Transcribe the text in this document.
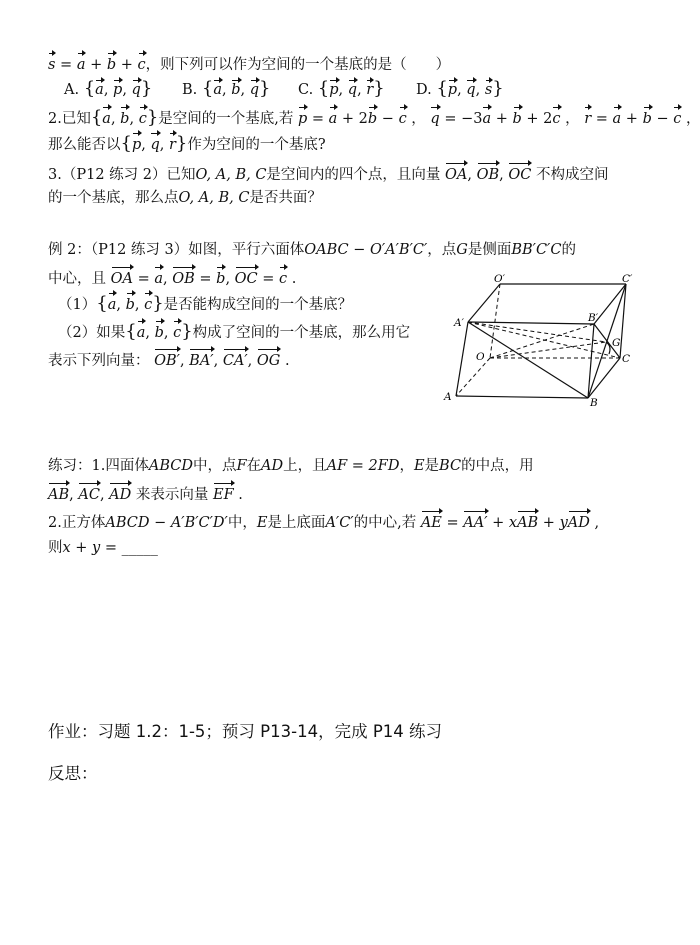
s = a + b + c，则下列可以作为空间的一个基底的是（　　）
A. {a, p, q} B. {a, b, q} C. {p, q, r} D. {p, q, s}
2.已知{a, b, c}是空间的一个基底,若 p = a + 2b − c ， q = −3a + b + 2c ， r = a + b − c ，
那么能否以{p, q, r}作为空间的一个基底?
3.（P12 练习 2）已知O, A, B, C是空间内的四个点，且向量 OA, OB, OC 不构成空间
的一个基底，那么点O, A, B, C是否共面？
例 2：（P12 练习 3）如图，平行六面体OABC − O′A′B′C′，点G是侧面BB′C′C的
中心，且 OA = a, OB = b, OC = c .
（1）{a, b, c}是否能构成空间的一个基底？
（2）如果{a, b, c}构成了空间的一个基底，那么用它
表示下列向量： OB′, BA′, CA′, OG .
O′	C′
A′	B′
G
O	C
A	B
练习：1.四面体ABCD中，点F在AD上，且AF = 2FD，E是BC的中点，用
AB, AC, AD 来表示向量 EF .
2.正方体ABCD − A′B′C′D′中，E是上底面A′C′的中心,若 AE = AA′ + xAB + yAD ,
则x + y = _____
作业：习题 1.2：1-5；预习 P13-14，完成 P14 练习
反思：
